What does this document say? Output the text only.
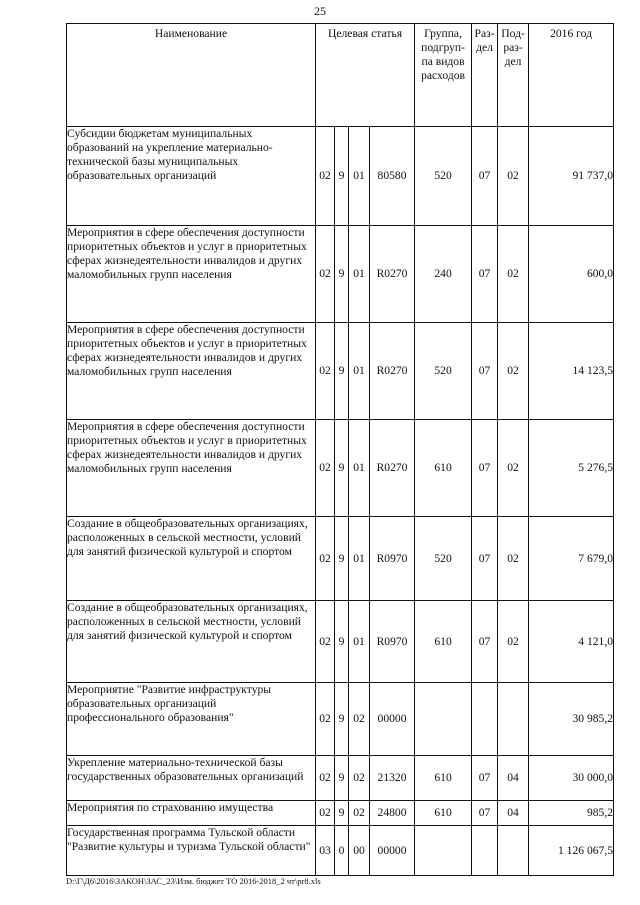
25
Наименование	Целевая статья				Группа, подгруп- па видов расходов	Раз- дел	Под- раз- дел	2016 год
Субсидии бюджетам муниципальных образований на укрепление материально-технической базы муниципальных образовательных организаций	02	9	01	80580	520	07	02	91 737,0
Мероприятия в сфере обеспечения доступности приоритетных объектов и услуг в приоритетных сферах жизнедеятельности инвалидов и других маломобильных групп населения	02	9	01	R0270	240	07	02	600,0
Мероприятия в сфере обеспечения доступности приоритетных объектов и услуг в приоритетных сферах жизнедеятельности инвалидов и других маломобильных групп населения	02	9	01	R0270	520	07	02	14 123,5
Мероприятия в сфере обеспечения доступности приоритетных объектов и услуг в приоритетных сферах жизнедеятельности инвалидов и других маломобильных групп населения	02	9	01	R0270	610	07	02	5 276,5
Создание в общеобразовательных организациях, расположенных в сельской местности, условий для занятий физической культурой и спортом	02	9	01	R0970	520	07	02	7 679,0
Создание в общеобразовательных организациях, расположенных в сельской местности, условий для занятий физической культурой и спортом	02	9	01	R0970	610	07	02	4 121,0
Мероприятие "Развитие инфраструктуры образовательных организаций профессионального образования"	02	9	02	00000				30 985,2
Укрепление материально-технической базы государственных образовательных организаций	02	9	02	21320	610	07	04	30 000,0
Мероприятия по страхованию имущества	02	9	02	24800	610	07	04	985,2
Государственная программа Тульской области "Развитие культуры и туризма Тульской области"	03	0	00	00000				1 126 067,5
D:\Г\Д6\2016\ЗАКОН\ЗАС_23\Изм. бюджет ТО 2016-2018_2 чт\pr8.xls
